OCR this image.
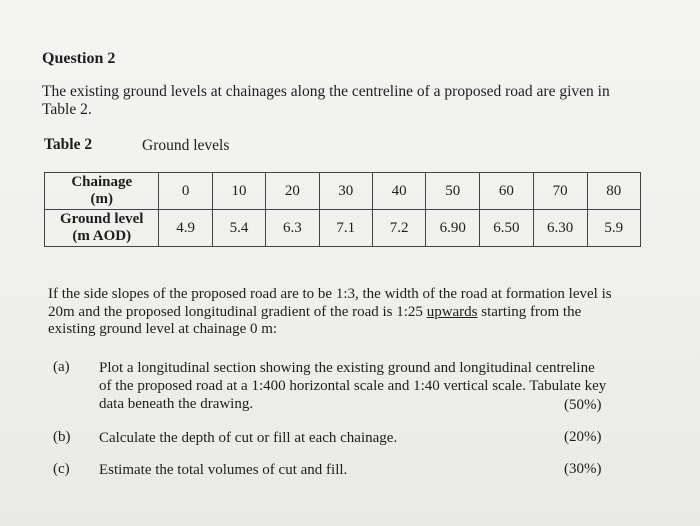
Question 2
The existing ground levels at chainages along the centreline of a proposed road are given in Table 2.
Table 2	Ground levels
Chainage
(m)	0	10	20	30	40	50	60	70	80

Ground level
(m AOD)	4.9	5.4	6.3	7.1	7.2	6.90	6.50	6.30	5.9
If the side slopes of the proposed road are to be 1:3, the width of the road at formation level is 20m and the proposed longitudinal gradient of the road is 1:25 upwards starting from the existing ground level at chainage 0 m:
(a) Plot a longitudinal section showing the existing ground and longitudinal centreline of the proposed road at a 1:400 horizontal scale and 1:40 vertical scale. Tabulate key data beneath the drawing.	(50%)
(b) Calculate the depth of cut or fill at each chainage.	(20%)
(c) Estimate the total volumes of cut and fill.	(30%)
